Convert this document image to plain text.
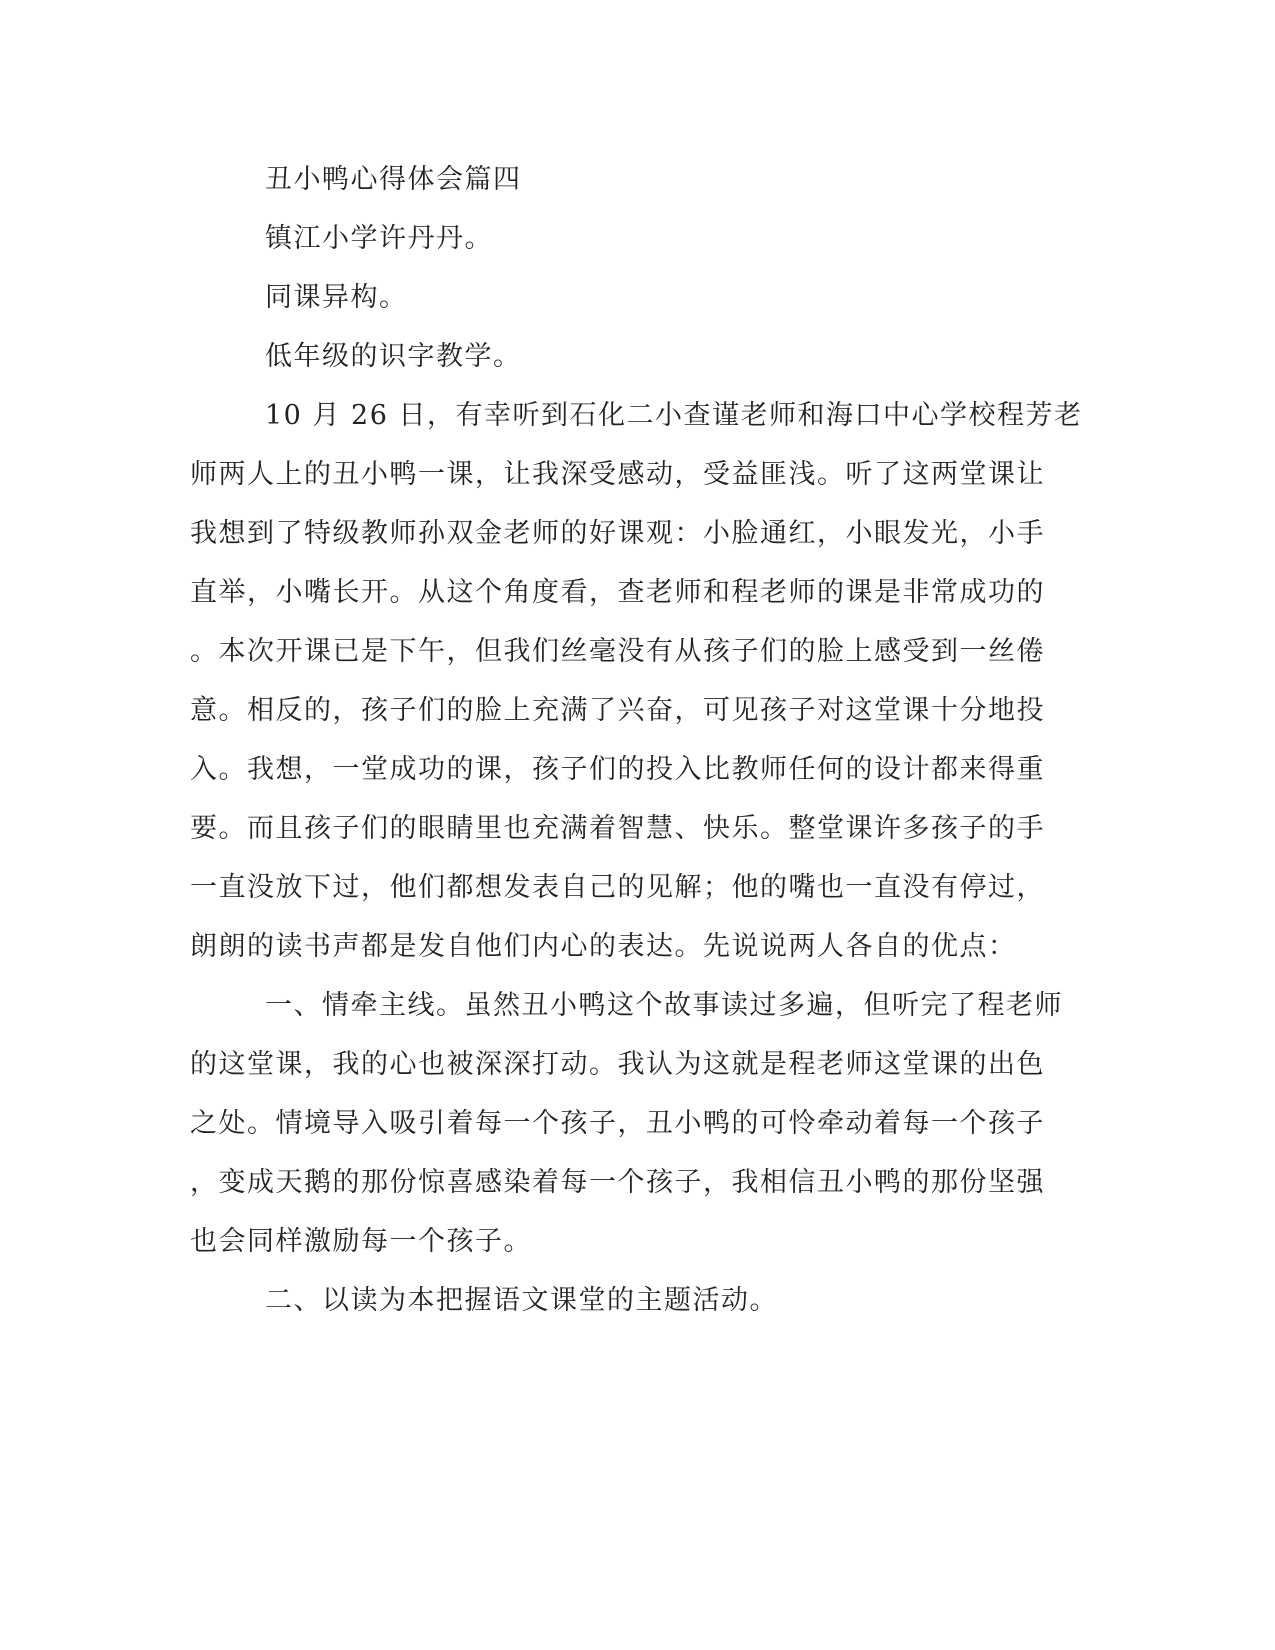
丑小鸭心得体会篇四
镇江小学许丹丹。
同课异构。
低年级的识字教学。
10 月 26 日，有幸听到石化二小查谨老师和海口中心学校程芳老
师两人上的丑小鸭一课，让我深受感动，受益匪浅。听了这两堂课让
我想到了特级教师孙双金老师的好课观：小脸通红，小眼发光，小手
直举，小嘴长开。从这个角度看，查老师和程老师的课是非常成功的
。本次开课已是下午，但我们丝毫没有从孩子们的脸上感受到一丝倦
意。相反的，孩子们的脸上充满了兴奋，可见孩子对这堂课十分地投
入。我想，一堂成功的课，孩子们的投入比教师任何的设计都来得重
要。而且孩子们的眼睛里也充满着智慧、快乐。整堂课许多孩子的手
一直没放下过，他们都想发表自己的见解；他的嘴也一直没有停过，
朗朗的读书声都是发自他们内心的表达。先说说两人各自的优点：
一、情牵主线。虽然丑小鸭这个故事读过多遍，但听完了程老师
的这堂课，我的心也被深深打动。我认为这就是程老师这堂课的出色
之处。情境导入吸引着每一个孩子，丑小鸭的可怜牵动着每一个孩子
，变成天鹅的那份惊喜感染着每一个孩子，我相信丑小鸭的那份坚强
也会同样激励每一个孩子。
二、以读为本把握语文课堂的主题活动。
